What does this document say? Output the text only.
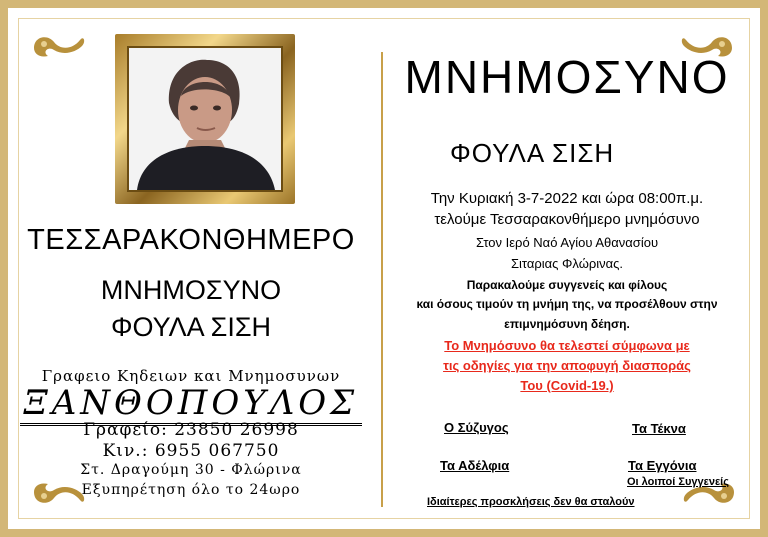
ΤΕΣΣΑΡΑΚΟΝΘΗΜΕΡΟ
ΜΝΗΜΟΣΥΝΟ
ΦΟΥΛΑ ΣΙΣΗ
Γραφειο Κηδειων και Μνημοσυνων
ΞΑΝΘΟΠΟΥΛΟΣ
Γραφείο: 23850 26998
Κιν.: 6955 067750
Στ. Δραγούμη 30 - Φλώρινα
Εξυπηρέτηση όλο το 24ωρο
ΜΝΗΜΟΣΥΝΟ
ΦΟΥΛΑ ΣΙΣΗ
Την Κυριακή 3-7-2022 και ώρα 08:00π.μ.
τελούμε Τεσσαρακονθήμερο μνημόσυνο
Στον Ιερό Ναό Αγίου Αθανασίου
Σιταριας Φλώρινας.
Παρακαλούμε συγγενείς και φίλους
και όσους τιμούν τη μνήμη της, να προσέλθουν στην
επιμνημόσυνη δέηση.
Το Μνημόσυνο θα τελεστεί σύμφωνα με
τις οδηγίες για την αποφυγή διασποράς
Του (Covid-19.)
Ο Σύζυγος	Τα Τέκνα
Τα Αδέλφια	Τα Εγγόνια
Οι λοιποί Συγγενείς
Ιδιαίτερες προσκλήσεις δεν θα σταλούν
